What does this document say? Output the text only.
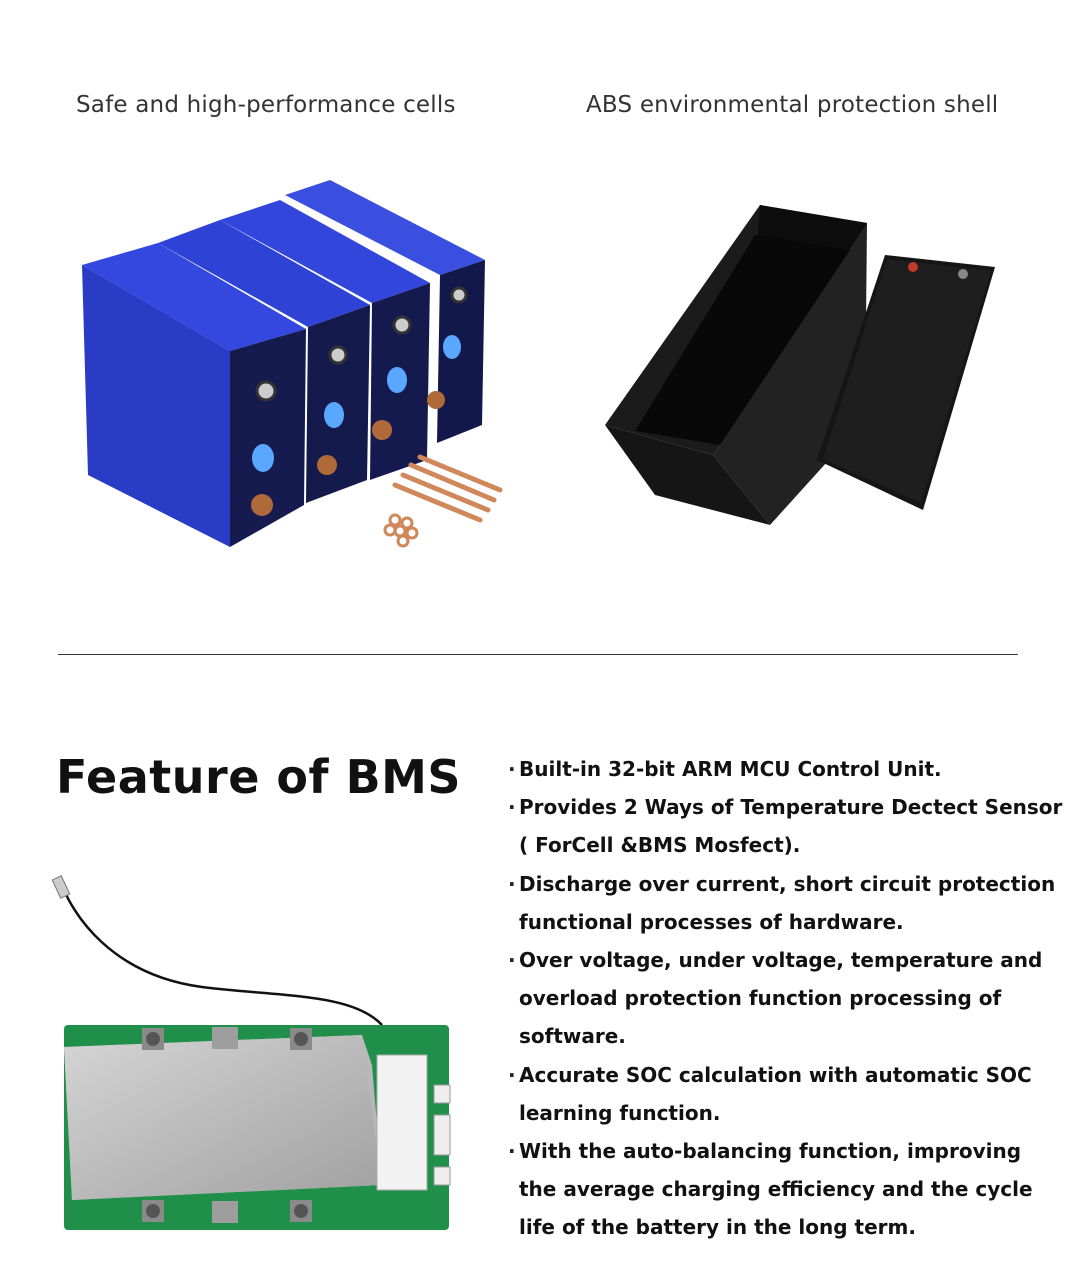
Safe and high-performance cells	ABS environmental protection shell
Feature of BMS · Built-in 32-bit ARM MCU Control Unit.
· Provides 2 Ways of Temperature Dectect Sensor
( ForCell &BMS Mosfect).
· Discharge over current, short circuit protection
functional processes of hardware.
· Over voltage, under voltage, temperature and
overload protection function processing of
software.
· Accurate SOC calculation with automatic SOC
learning function.
· With the auto-balancing function, improving
the average charging efficiency and the cycle
life of the battery in the long term.
